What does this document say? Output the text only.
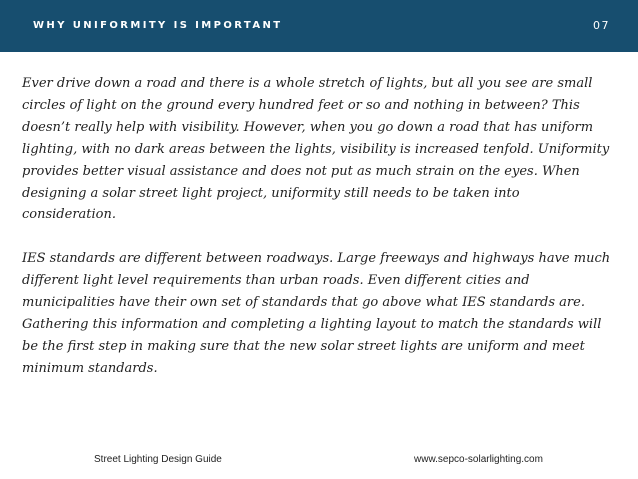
WHY UNIFORMITY IS IMPORTANT	07

Ever drive down a road and there is a whole stretch of lights, but all you see are small circles of light on the ground every hundred feet or so and nothing in between? This doesn’t really help with visibility. However, when you go down a road that has uniform lighting, with no dark areas between the lights, visibility is increased tenfold. Uniformity provides better visual assistance and does not put as much strain on the eyes. When designing a solar street light project, uniformity still needs to be taken into consideration.

IES standards are different between roadways. Large freeways and highways have much different light level requirements than urban roads. Even different cities and municipalities have their own set of standards that go above what IES standards are. Gathering this information and completing a lighting layout to match the standards will be the first step in making sure that the new solar street lights are uniform and meet minimum standards.

Street Lighting Design Guide	www.sepco-solarlighting.com
